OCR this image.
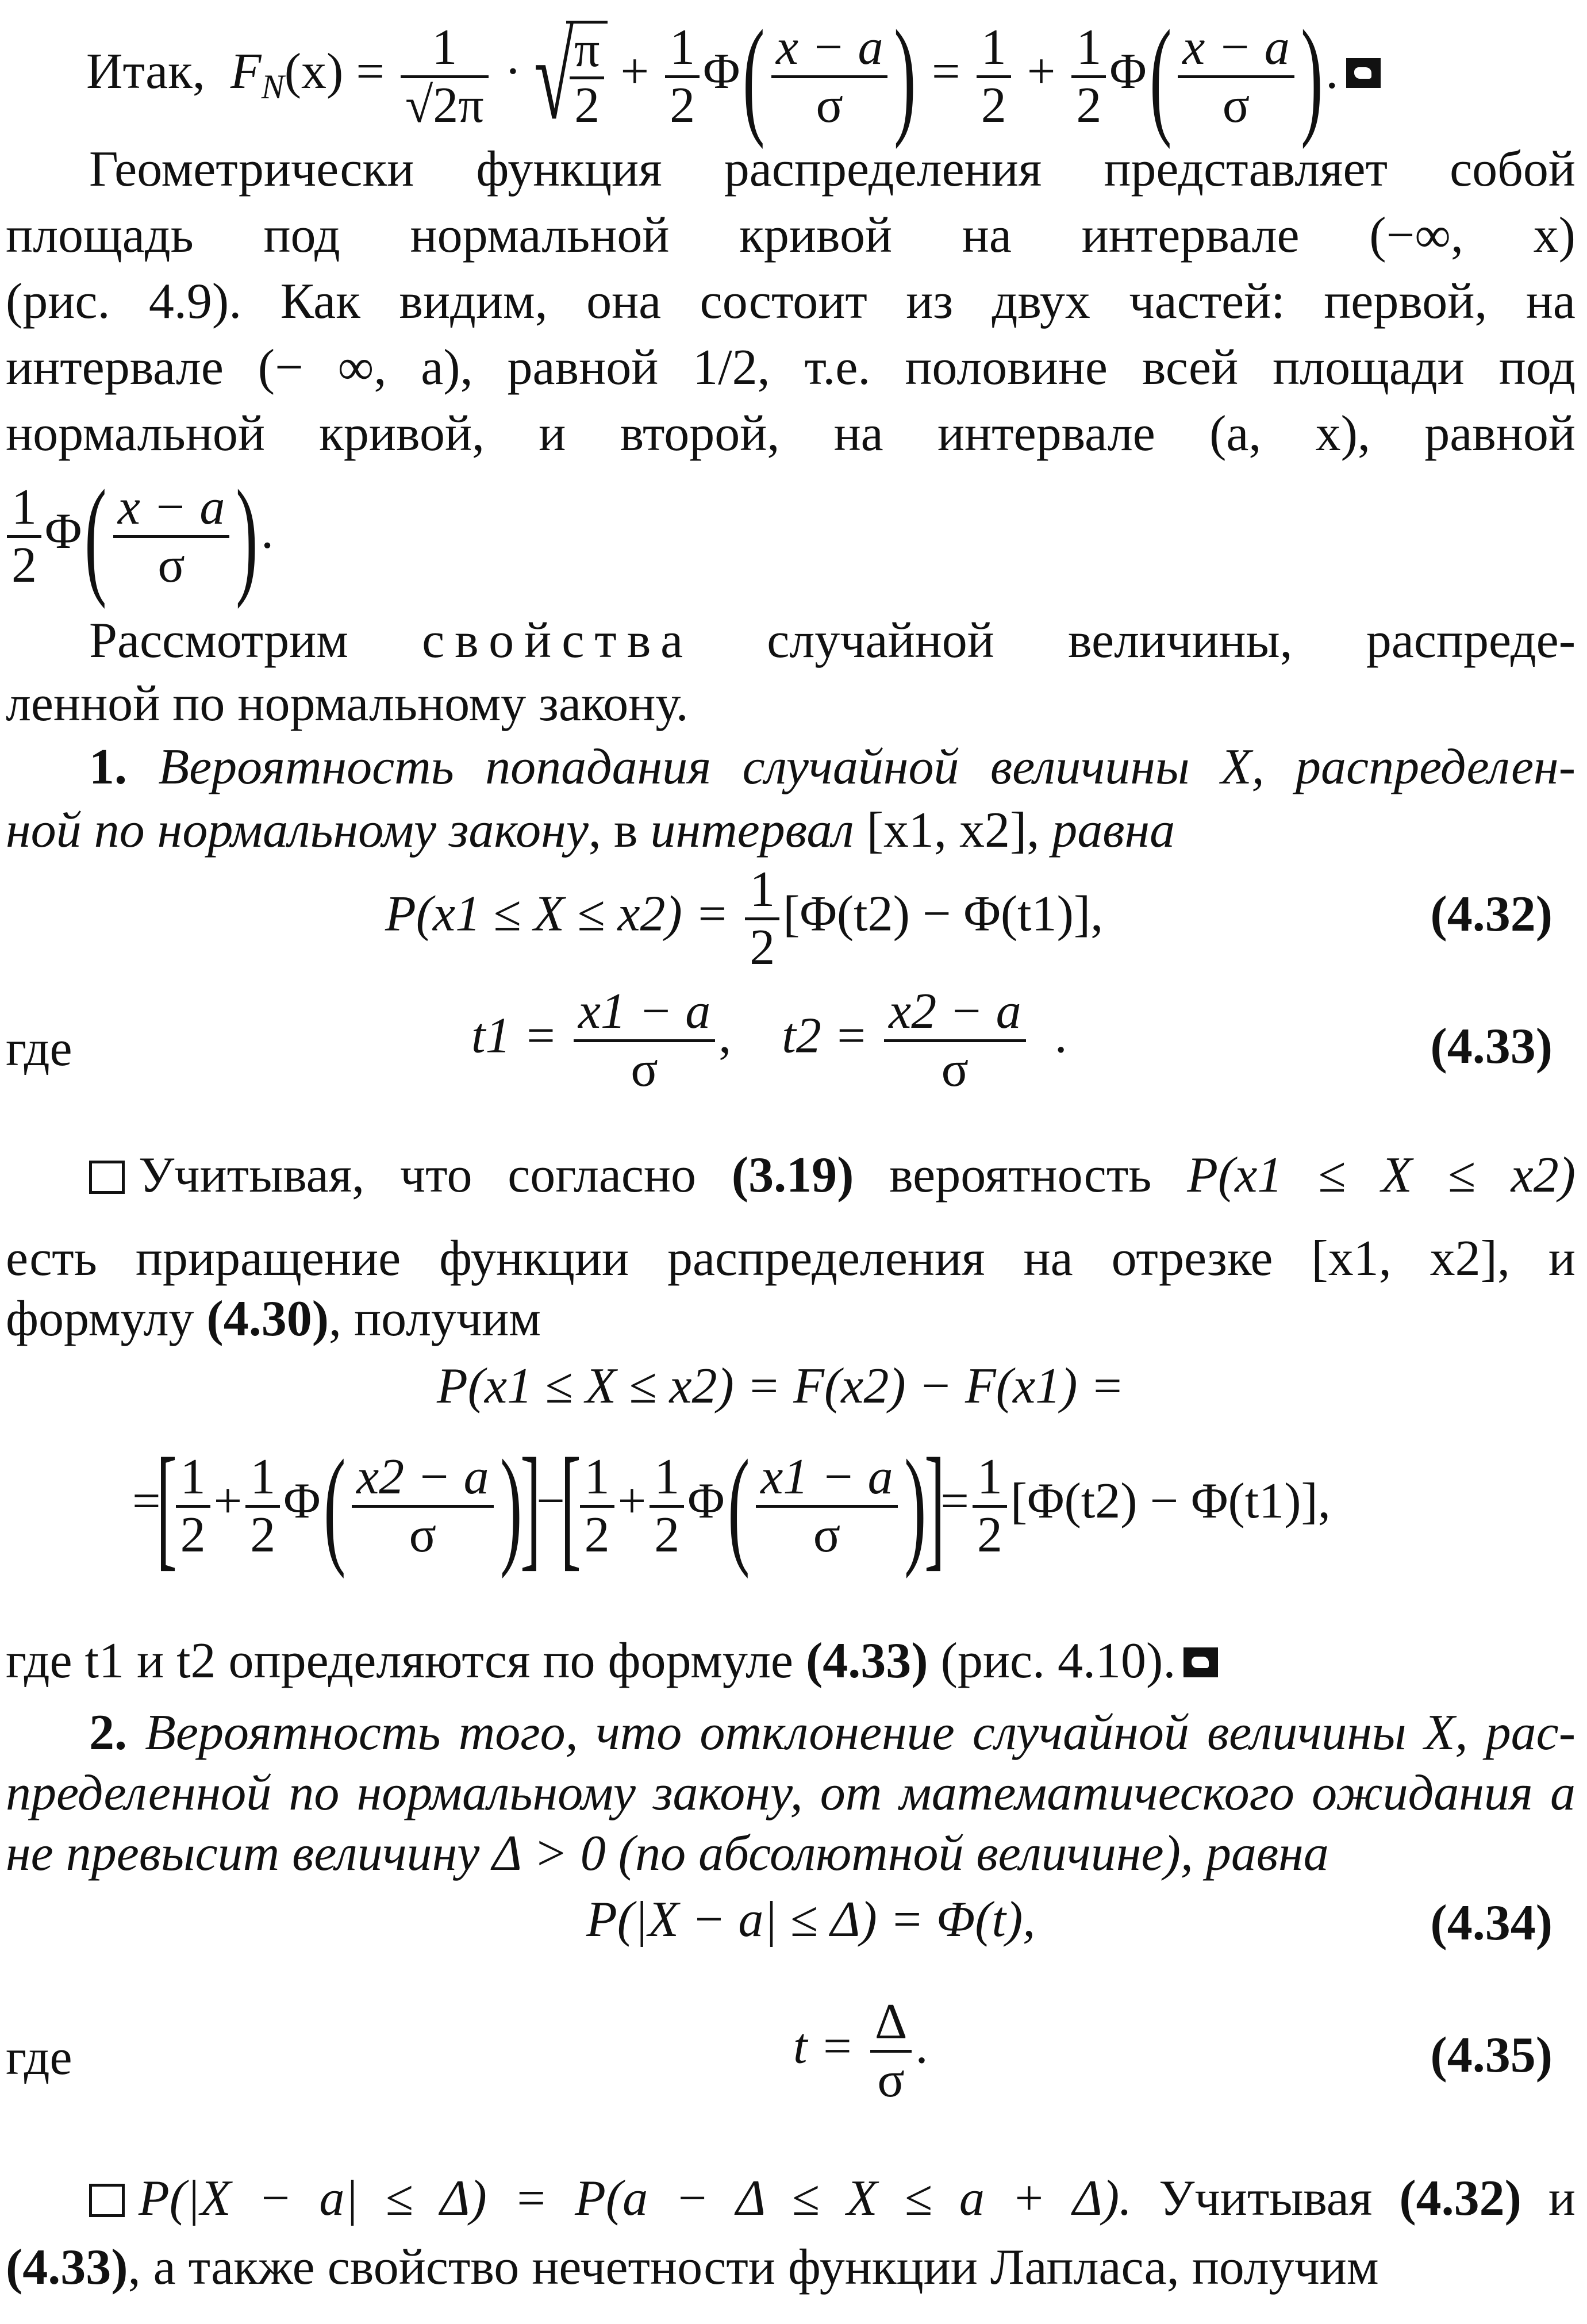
Итак, $F_N(x) = \frac{1}{√2\pi}$ · √
$\frac{\pi}{2} + \frac{1}{2} \Phi( \frac{x - a}{\sigma}$ ) = $\frac{1}{2} + \frac{1}{2} \Phi( \frac{x - a}{\sigma}$ ).
Геометрически функция распределения представляет собой
площадь под нормальной кривой на интервале (−∞, x)
(рис. 4.9). Как видим, она состоит из двух частей: первой, на
интервале (− ∞, a), равной 1/2, т.е. половине всей площади под
нормальной кривой, и второй, на интервале (a, x), равной
$\frac{1}{2} \Phi( \frac{x - a}{\sigma}$ ).
Рассмотрим свойства случайной величины, распреде-
ленной по нормальному закону.
1. Вероятность попадания случайной величины X, распределен-
ной по нормальному закону, в интервал [x1, x2], равна
$P(x1 \le X \le x2) = \frac{1}{2} [\Phi(t2) - \Phi(t1)]$,	(4.32)
где	$t1 = \frac{x1 - a}{\sigma}$ , $t2 = \frac{x2 - a}{\sigma}$ .	(4.33)
Учитывая, что согласно (3.19) вероятность P(x1 ≤ X ≤ x2)
есть приращение функции распределения на отрезке [x1, x2], и
формулу (4.30), получим
P(x1 ≤ X ≤ x2) = F(x2) − F(x1) =
=[
$\frac{1}{2} + \frac{1}{2} \Phi( \frac{x2 - a}{\sigma}$ )]−[
$\frac{1}{2} + \frac{1}{2} \Phi( \frac{x1 - a}{\sigma}$ )]= $\frac{1}{2} [\Phi(t2) - \Phi(t1)]$,
где t1 и t2 определяются по формуле (4.33) (рис. 4.10).
2. Вероятность того, что отклонение случайной величины X, рас-
пределенной по нормальному закону, от математического ожидания a
не превысит величину Δ > 0 (по абсолютной величине), равна
P(|X − a| ≤ Δ) = Φ(t),	(4.34)
где	$t = \frac{\Delta}{\sigma}$ .	(4.35)
P(|X − a| ≤ Δ) = P(a − Δ ≤ X ≤ a + Δ). Учитывая (4.32) и
(4.33), а также свойство нечетности функции Лапласа, получим
